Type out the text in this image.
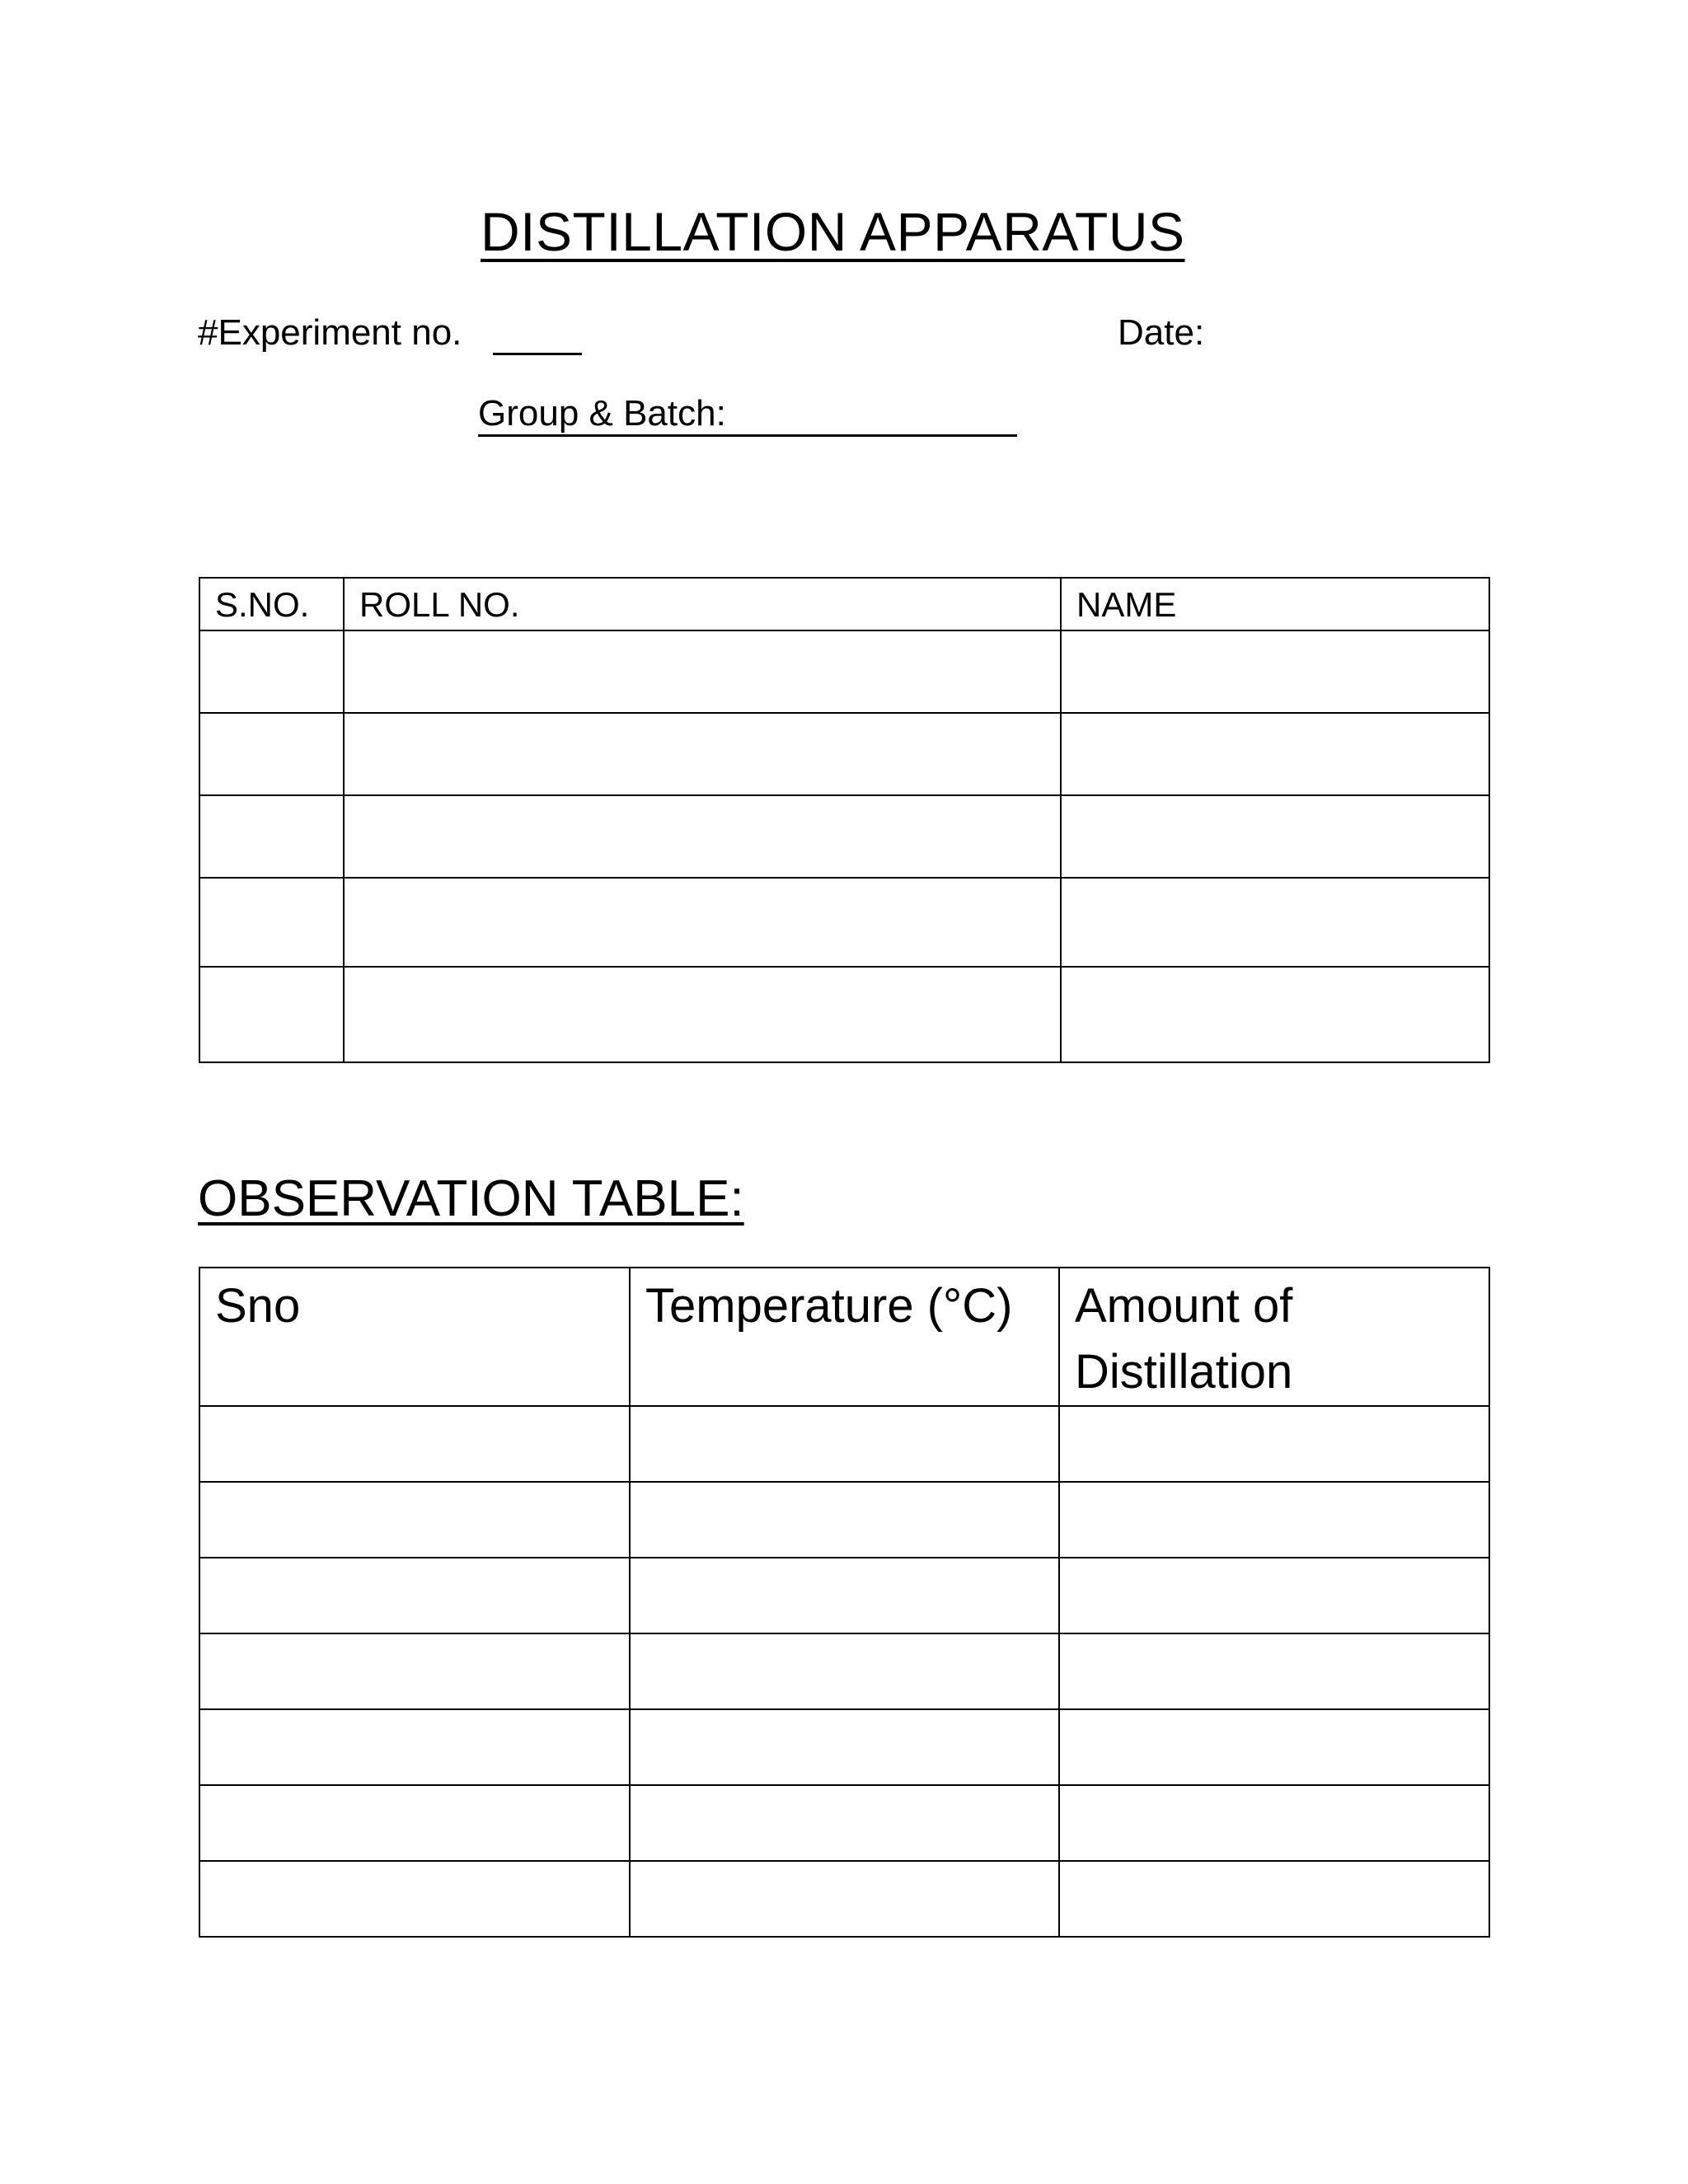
DISTILLATION APPARATUS
#Experiment no.	Date:
Group & Batch:
S.NO.	ROLL NO.	NAME

OBSERVATION TABLE:
Sno	Temperature (°C)	Amount of Distillation
